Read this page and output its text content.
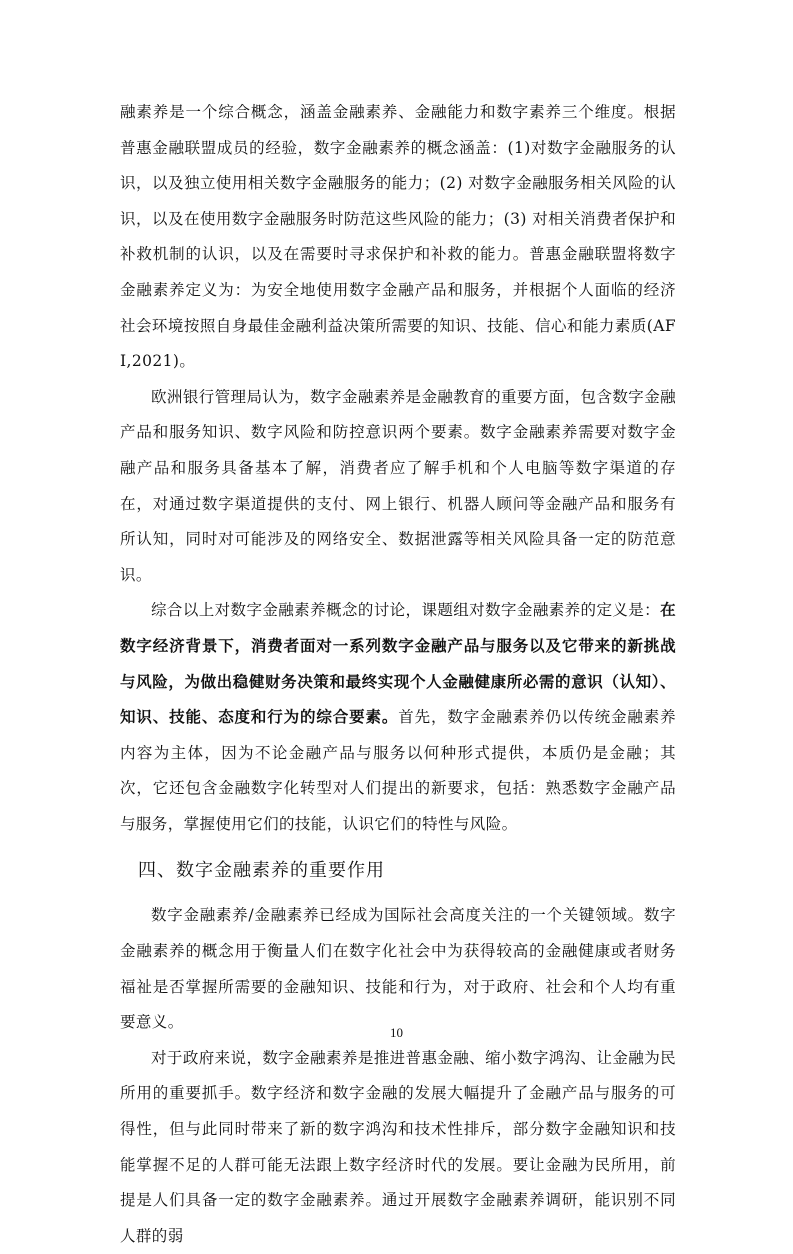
融素养是一个综合概念，涵盖金融素养、金融能力和数字素养三个维度。根据普惠金融联盟成员的经验，数字金融素养的概念涵盖：(1)对数字金融服务的认识，以及独立使用相关数字金融服务的能力；(2) 对数字金融服务相关风险的认识，以及在使用数字金融服务时防范这些风险的能力；(3) 对相关消费者保护和补救机制的认识，以及在需要时寻求保护和补救的能力。普惠金融联盟将数字金融素养定义为：为安全地使用数字金融产品和服务，并根据个人面临的经济社会环境按照自身最佳金融利益决策所需要的知识、技能、信心和能力素质(AFI,2021)。

欧洲银行管理局认为，数字金融素养是金融教育的重要方面，包含数字金融产品和服务知识、数字风险和防控意识两个要素。数字金融素养需要对数字金融产品和服务具备基本了解，消费者应了解手机和个人电脑等数字渠道的存在，对通过数字渠道提供的支付、网上银行、机器人顾问等金融产品和服务有所认知，同时对可能涉及的网络安全、数据泄露等相关风险具备一定的防范意识。

综合以上对数字金融素养概念的讨论，课题组对数字金融素养的定义是：在数字经济背景下，消费者面对一系列数字金融产品与服务以及它带来的新挑战与风险，为做出稳健财务决策和最终实现个人金融健康所必需的意识（认知）、知识、技能、态度和行为的综合要素。首先，数字金融素养仍以传统金融素养内容为主体，因为不论金融产品与服务以何种形式提供，本质仍是金融；其次，它还包含金融数字化转型对人们提出的新要求，包括：熟悉数字金融产品与服务，掌握使用它们的技能，认识它们的特性与风险。

四、数字金融素养的重要作用

数字金融素养/金融素养已经成为国际社会高度关注的一个关键领域。数字金融素养的概念用于衡量人们在数字化社会中为获得较高的金融健康或者财务福祉是否掌握所需要的金融知识、技能和行为，对于政府、社会和个人均有重要意义。

对于政府来说，数字金融素养是推进普惠金融、缩小数字鸿沟、让金融为民所用的重要抓手。数字经济和数字金融的发展大幅提升了金融产品与服务的可得性，但与此同时带来了新的数字鸿沟和技术性排斥，部分数字金融知识和技能掌握不足的人群可能无法跟上数字经济时代的发展。要让金融为民所用，前提是人们具备一定的数字金融素养。通过开展数字金融素养调研，能识别不同人群的弱

10
